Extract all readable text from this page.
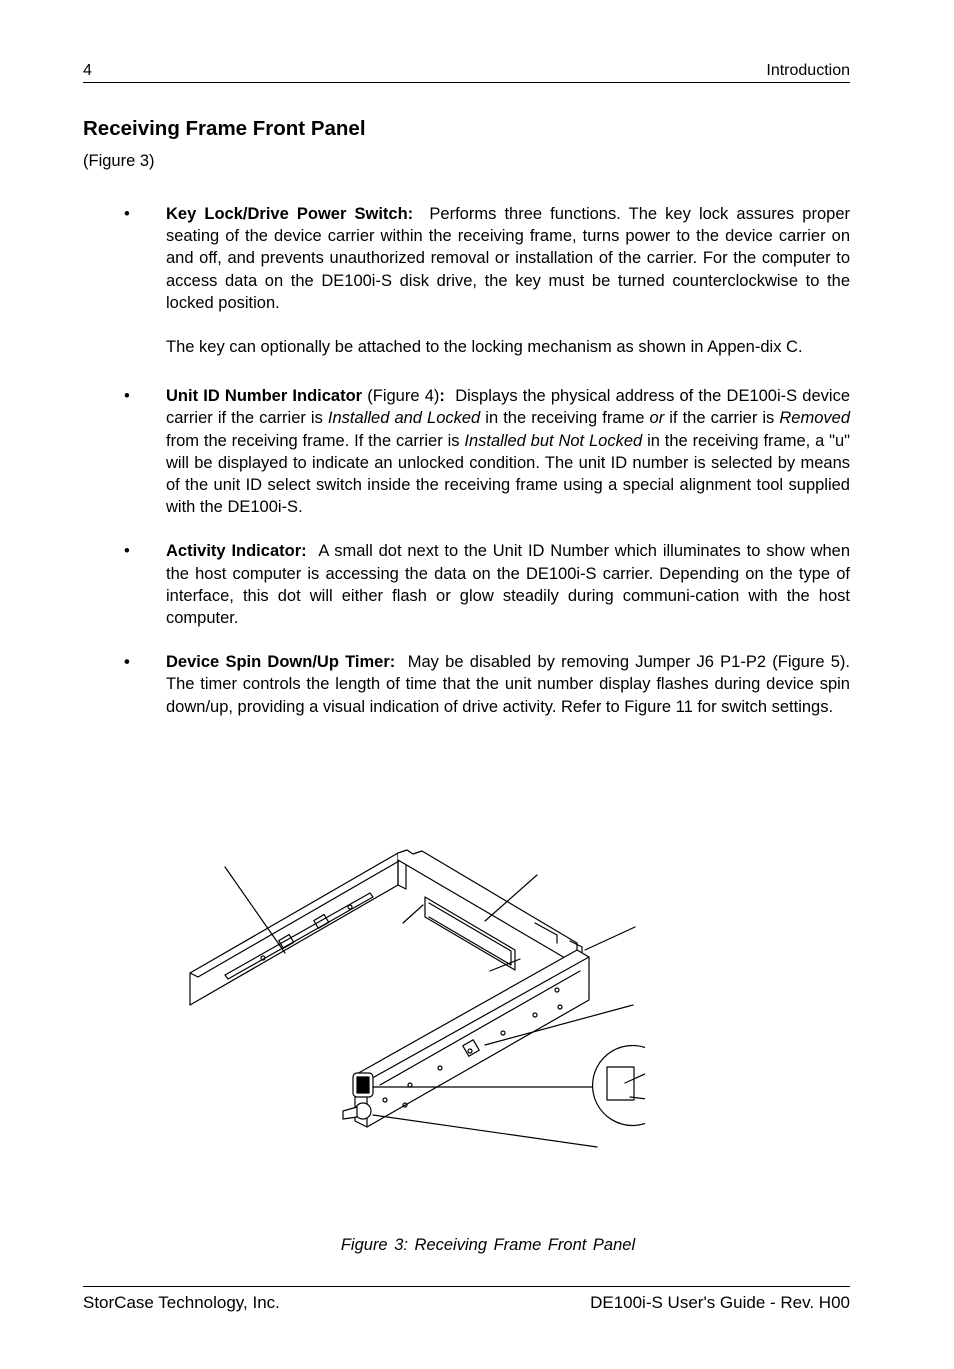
4	Introduction
Receiving Frame Front Panel
(Figure 3)
• Key Lock/Drive Power Switch: Performs three functions. The key lock assures proper seating of the device carrier within the receiving frame, turns power to the device carrier on and off, and prevents unauthorized removal or installation of the carrier. For the computer to access data on the DE100i-S disk drive, the key must be turned counterclockwise to the locked position.

The key can optionally be attached to the locking mechanism as shown in Appen-dix C.

• Unit ID Number Indicator (Figure 4): Displays the physical address of the DE100i-S device carrier if the carrier is Installed and Locked in the receiving frame or if the carrier is Removed from the receiving frame. If the carrier is Installed but Not Locked in the receiving frame, a "u" will be displayed to indicate an unlocked condition. The unit ID number is selected by means of the unit ID select switch inside the receiving frame using a special alignment tool supplied with the DE100i-S.

• Activity Indicator: A small dot next to the Unit ID Number which illuminates to show when the host computer is accessing the data on the DE100i-S carrier. Depending on the type of interface, this dot will either flash or glow steadily during communi-cation with the host computer.

• Device Spin Down/Up Timer: May be disabled by removing Jumper J6 P1-P2 (Figure 5). The timer controls the length of time that the unit number display flashes during device spin down/up, providing a visual indication of drive activity. Refer to Figure 11 for switch settings.

Figure 3: Receiving Frame Front Panel
StorCase Technology, Inc.	DE100i-S User's Guide - Rev. H00
